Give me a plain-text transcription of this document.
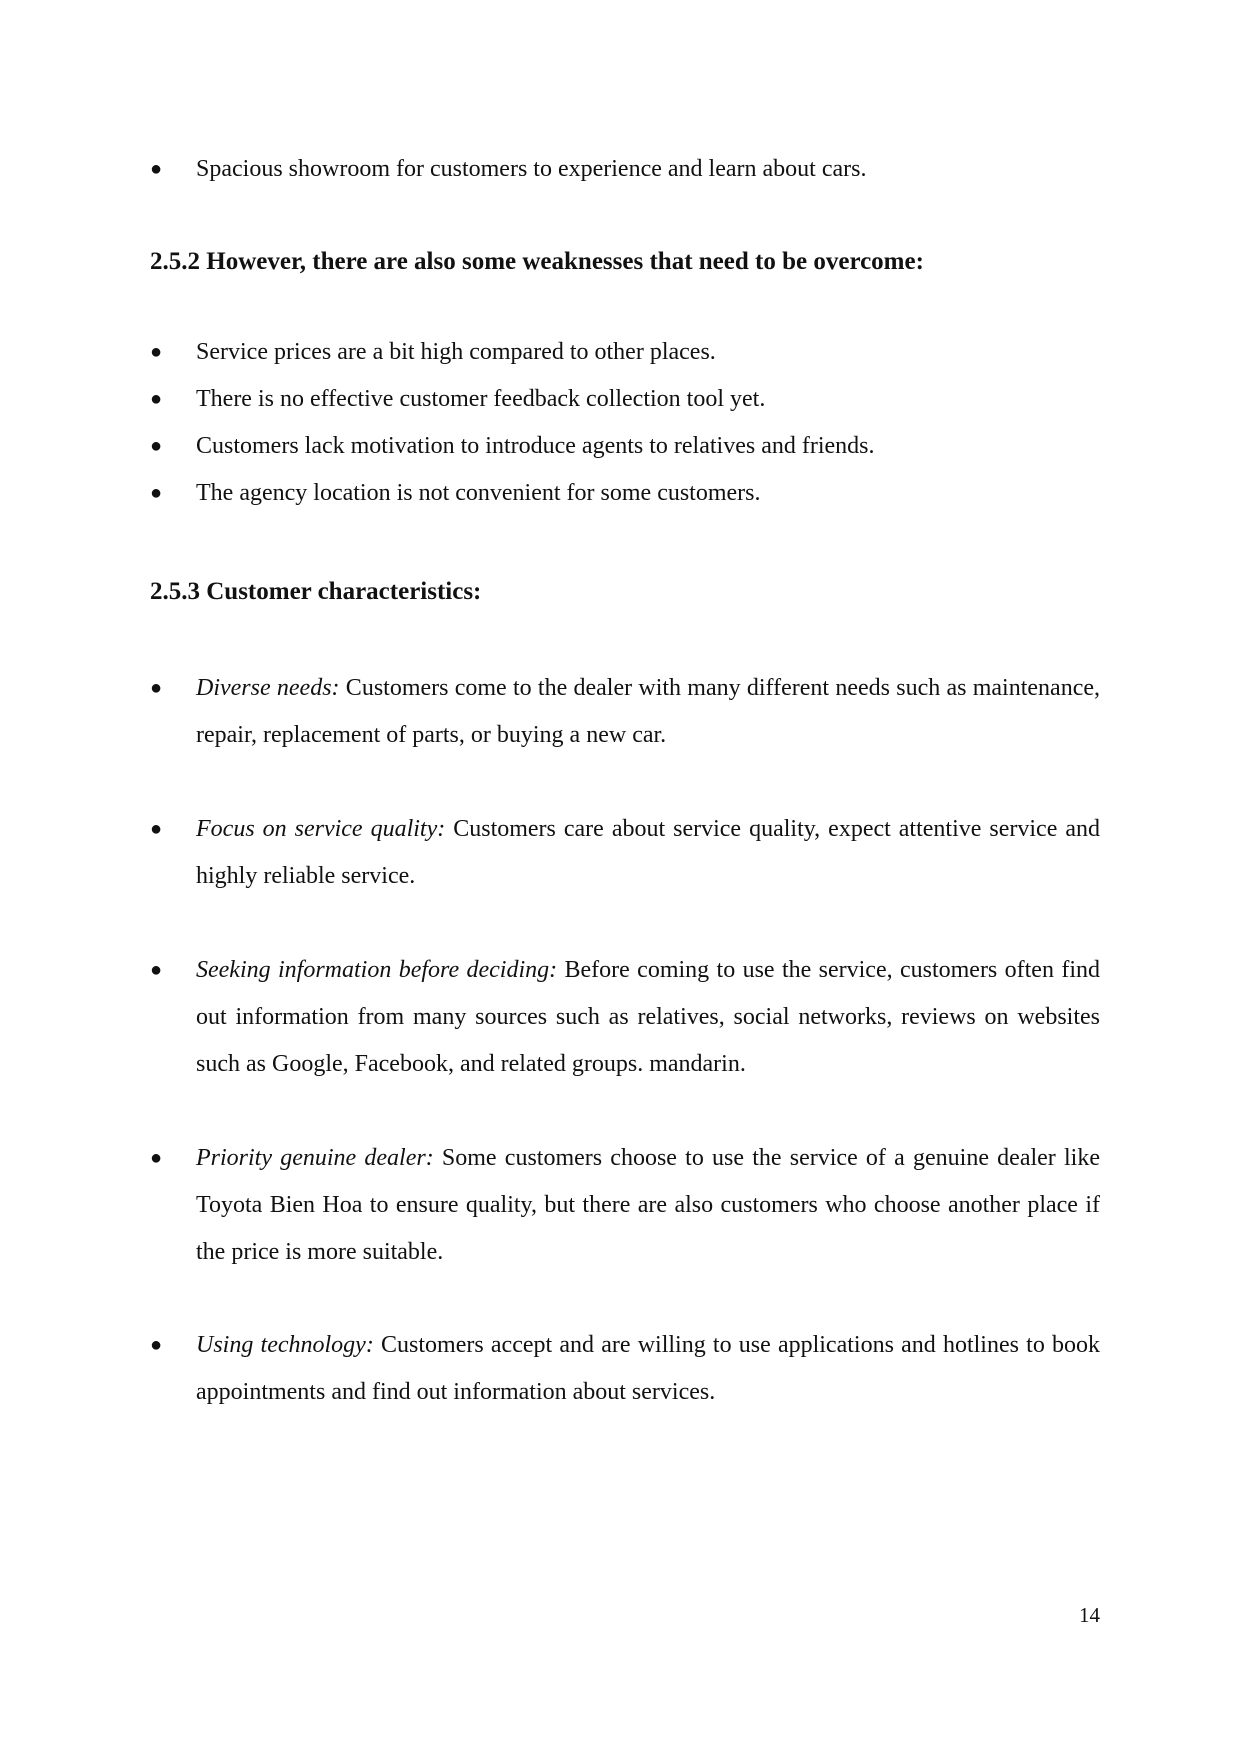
●
Spacious showroom for customers to experience and learn about cars.
2.5.2 However, there are also some weaknesses that need to be overcome:
●
Service prices are a bit high compared to other places.
●
There is no effective customer feedback collection tool yet.
●
Customers lack motivation to introduce agents to relatives and friends.
●
The agency location is not convenient for some customers.
2.5.3 Customer characteristics:
●
Diverse needs: Customers come to the dealer with many different needs such as maintenance, repair, replacement of parts, or buying a new car.
●
Focus on service quality: Customers care about service quality, expect attentive service and highly reliable service.
●
Seeking information before deciding: Before coming to use the service, customers often find out information from many sources such as relatives, social networks, reviews on websites such as Google, Facebook, and related groups. mandarin.
●
Priority genuine dealer: Some customers choose to use the service of a genuine dealer like Toyota Bien Hoa to ensure quality, but there are also customers who choose another place if the price is more suitable.
●
Using technology: Customers accept and are willing to use applications and hotlines to book appointments and find out information about services.
14
